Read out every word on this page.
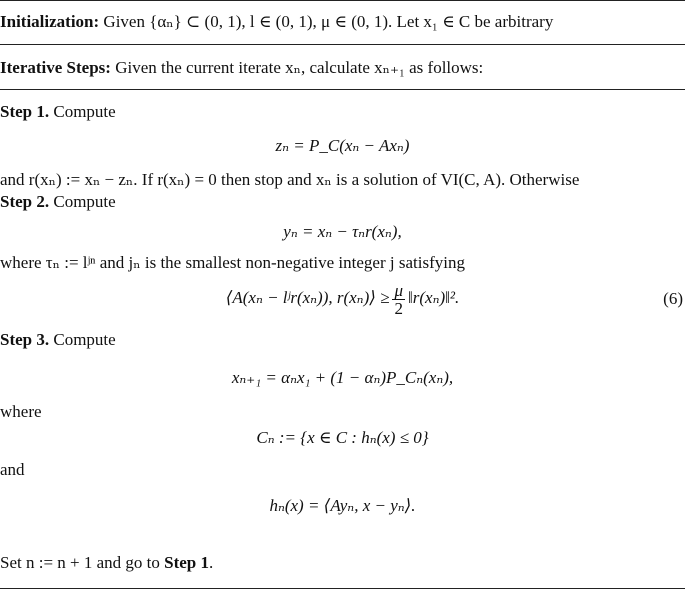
Initialization: Given {αₙ} ⊂ (0, 1), l ∈ (0, 1), μ ∈ (0, 1). Let x₁ ∈ C be arbitrary
Iterative Steps: Given the current iterate xₙ, calculate xₙ₊₁ as follows:
Step 1. Compute
zₙ = P_C(xₙ − Axₙ)
and r(xₙ) := xₙ − zₙ. If r(xₙ) = 0 then stop and xₙ is a solution of VI(C, A). Otherwise
Step 2. Compute
yₙ = xₙ − τₙr(xₙ),
where τₙ := lʲⁿ and jₙ is the smallest non-negative integer j satisfying
⟨A(xₙ − lʲr(xₙ)), r(xₙ)⟩ ≥ $\frac{\mu}{2}$ ‖r(xₙ)‖².	(6)
Step 3. Compute
xₙ₊₁ = αₙx₁ + (1 − αₙ)P_Cₙ(xₙ),
where
Cₙ := {x ∈ C : hₙ(x) ≤ 0}
and
hₙ(x) = ⟨Ayₙ, x − yₙ⟩.
Set n := n + 1 and go to Step 1.
